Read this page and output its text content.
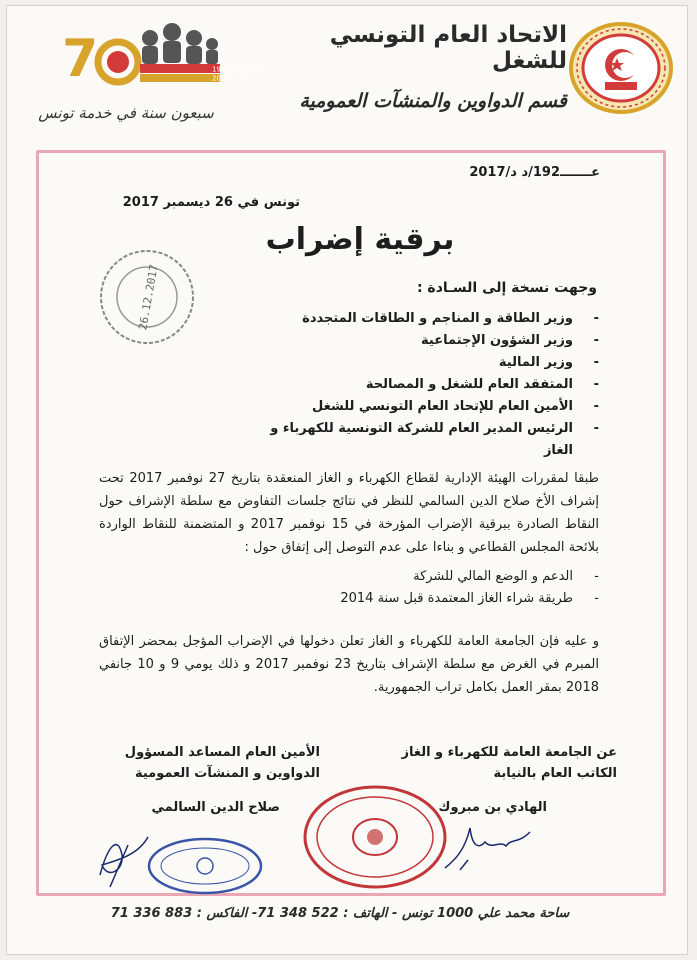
7	20 جانفي 1946
20 جانفي 2016
سبعون سنة في خدمة تونس
الاتحاد العام التونسي للشغل
قسم الدواوين والمنشآت العمومية
عـــــــ192/د د/2017
تونس في 26 ديسمبر 2017
26.12.2017
برقية إضراب
وجهت نسخة إلى السـادة :
-
وزير الطاقة و المناجم و الطاقات المتجددة
-
وزير الشؤون الإجتماعية
-
وزير المالية
-
المتفقد العام للشغل و المصالحة
-
الأمين العام للإتحاد العام التونسي للشغل
-
الرئيس المدير العام للشركة التونسية للكهرباء و الغاز

طبقا لمقررات الهيئة الإدارية لقطاع الكهرباء و الغاز المنعقدة بتاريخ 27 نوفمبر 2017 تحت إشراف الأخ صلاح الدين السالمي للنظر في نتائج جلسات التفاوض مع سلطة الإشراف حول النقاط الصادرة ببرقية الإضراب المؤرخة في 15 نوفمبر 2017 و المتضمنة للنقاط الواردة بلائحة المجلس القطاعي و بناءا على عدم التوصل إلى إتفاق حول :

-
الدعم و الوضع المالي للشركة
-
طريقة شراء الغاز المعتمدة قبل سنة 2014

و عليه فإن الجامعة العامة للكهرباء و الغاز تعلن دخولها في الإضراب المؤجل بمحضر الإتفاق المبرم في الغرض مع سلطة الإشراف بتاريخ 23 نوفمبر 2017 و ذلك يومي 9 و 10 جانفي 2018 بمقر العمل بكامل تراب الجمهورية.

عن الجامعة العامة للكهرباء و الغاز
الكاتب العام بالنيابة
الأمين العام المساعد المسؤول
الدواوين و المنشآت العمومية
الهادي بن مبروك
صلاح الدين السالمي
ساحة محمد علي 1000 تونس - الهاتف : 522 348 71- الفاكس : 883 336 71
